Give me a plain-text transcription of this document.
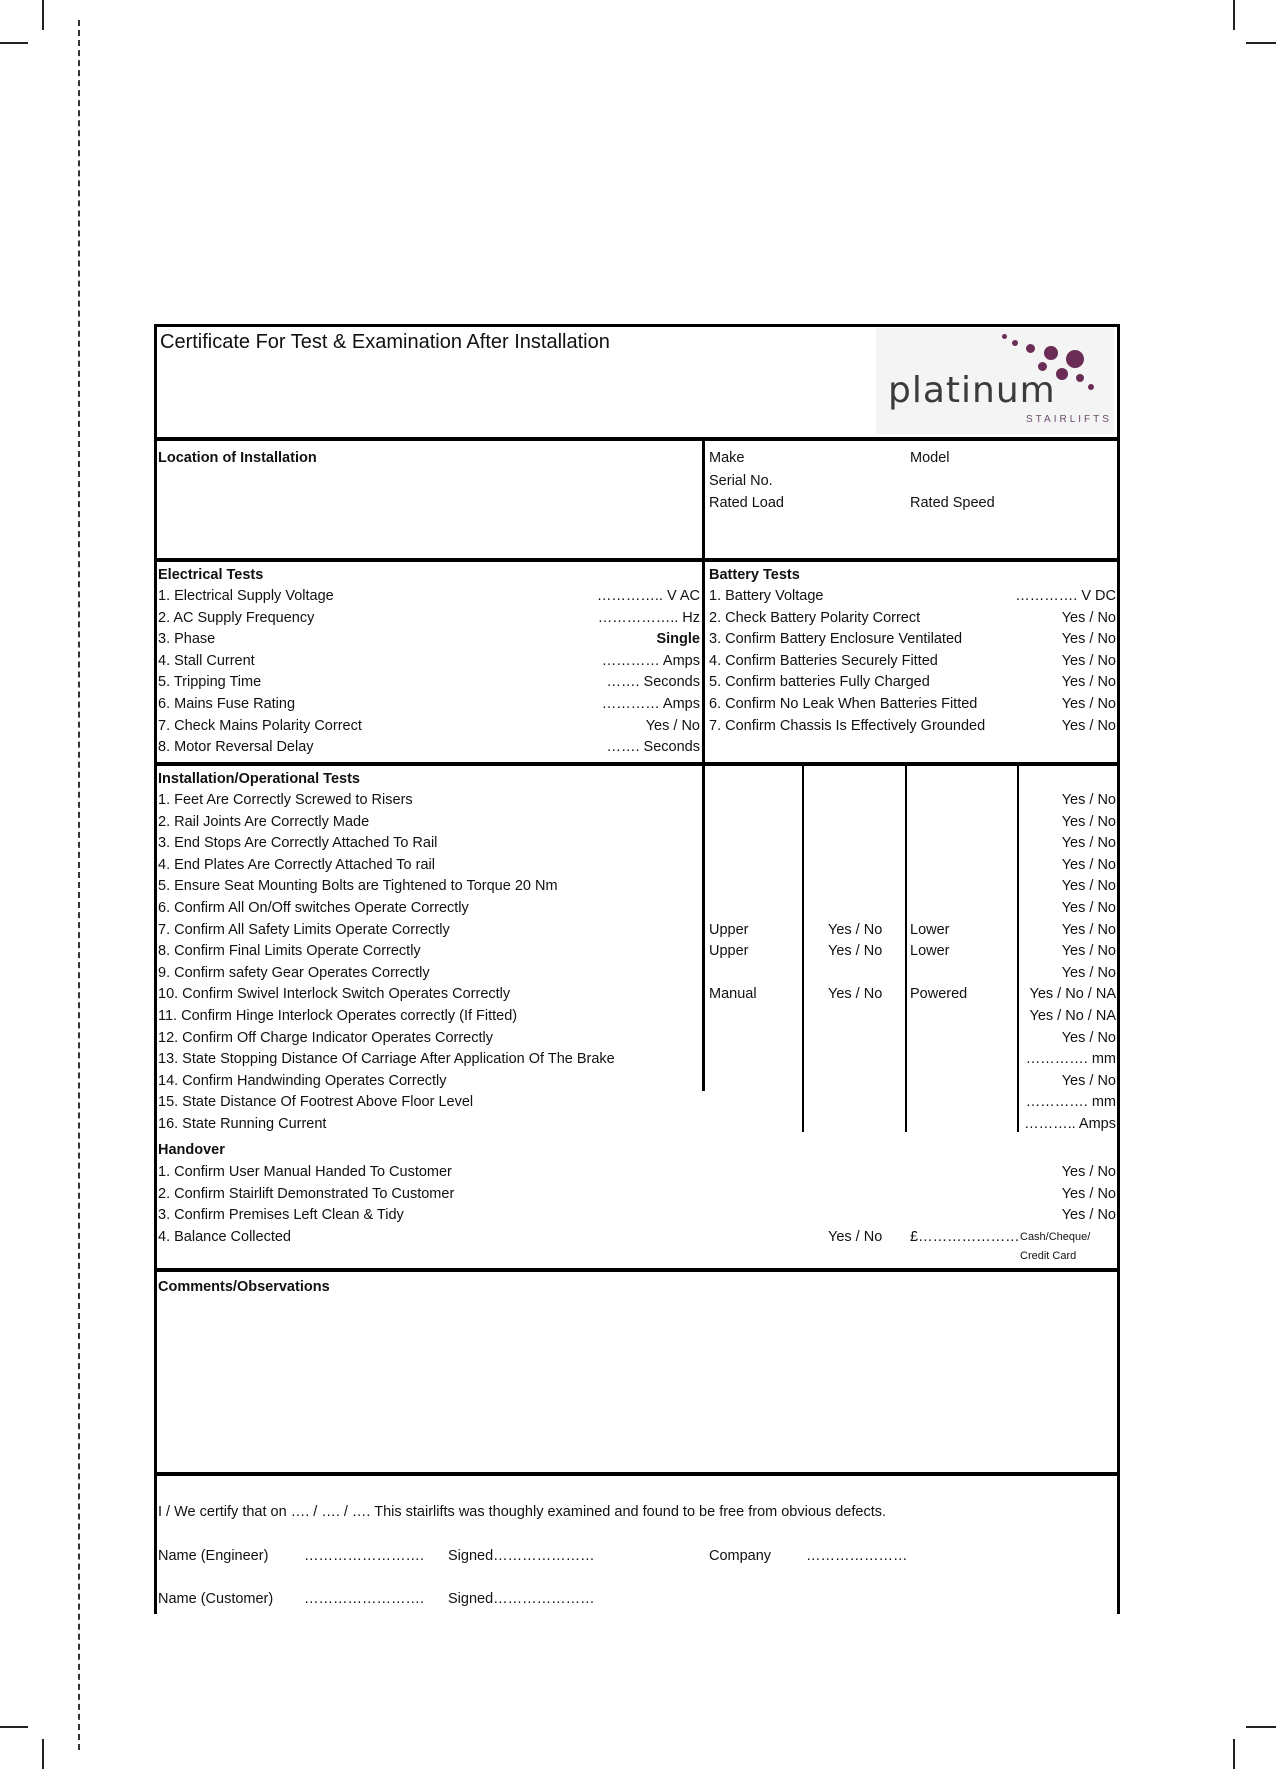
Certificate For Test & Examination After Installation
platinum
STAIRLIFTS
Location of Installation	Make	Model
Serial No.
Rated Load	Rated Speed
Electrical Tests	Battery Tests
1. Electrical Supply Voltage	………….. V AC
2. AC Supply Frequency	…………….. Hz
3. Phase	Single
4. Stall Current	………… Amps
5. Tripping Time	……. Seconds
6. Mains Fuse Rating	………… Amps
7. Check Mains Polarity Correct	Yes / No
8. Motor Reversal Delay	……. Seconds
1. Battery Voltage	…………. V DC
2. Check Battery Polarity Correct	Yes / No
3. Confirm Battery Enclosure Ventilated	Yes / No
4. Confirm Batteries Securely Fitted	Yes / No
5. Confirm batteries Fully Charged	Yes / No
6. Confirm No Leak When Batteries Fitted	Yes / No
7. Confirm Chassis Is Effectively Grounded	Yes / No
Installation/Operational Tests
1. Feet Are Correctly Screwed to Risers	Yes / No
2. Rail Joints Are Correctly Made	Yes / No
3. End Stops Are Correctly Attached To Rail	Yes / No
4. End Plates Are Correctly Attached To rail	Yes / No
5. Ensure Seat Mounting Bolts are Tightened to Torque 20 Nm	Yes / No
6. Confirm All On/Off switches Operate Correctly	Yes / No
7. Confirm All Safety Limits Operate Correctly	Upper	Yes / No Lower	Yes / No
8. Confirm Final Limits Operate Correctly	Upper	Yes / No Lower	Yes / No
9. Confirm safety Gear Operates Correctly	Yes / No
10. Confirm Swivel Interlock Switch Operates Correctly	Manual	Yes / No Powered	Yes / No / NA
11. Confirm Hinge Interlock Operates correctly (If Fitted)	Yes / No / NA
12. Confirm Off Charge Indicator Operates Correctly	Yes / No
13. State Stopping Distance Of Carriage After Application Of The Brake	…………. mm
14. Confirm Handwinding Operates Correctly	Yes / No
15. State Distance Of Footrest Above Floor Level	…………. mm
16. State Running Current	……….. Amps
Handover
1. Confirm User Manual Handed To Customer	Yes / No
2. Confirm Stairlift Demonstrated To Customer	Yes / No
3. Confirm Premises Left Clean & Tidy	Yes / No
4. Balance Collected	Yes / No £………………… Cash/Cheque/
Credit Card
Comments/Observations
I / We certify that on …. / …. / …. This stairlifts was thoughly examined and found to be free from obvious defects.
Name (Engineer) ……………………. Signed…………………	Company …………………
Name (Customer) ……………………. Signed…………………
